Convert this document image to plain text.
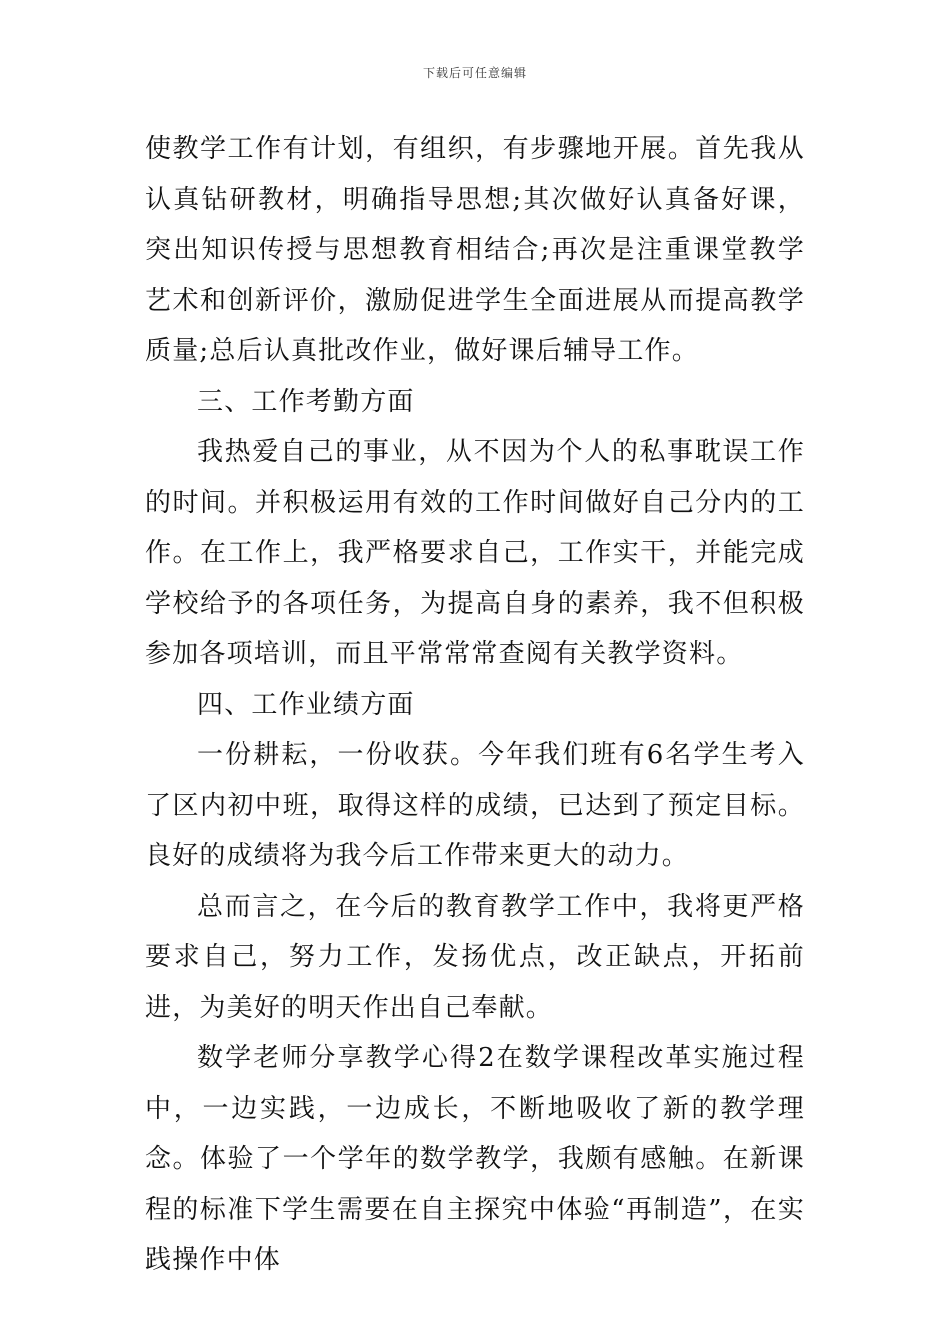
下载后可任意编辑

使教学工作有计划，有组织，有步骤地开展。首先我从认真钻研教材，明确指导思想;其次做好认真备好课，突出知识传授与思想教育相结合;再次是注重课堂教学艺术和创新评价，激励促进学生全面进展从而提高教学质量;总后认真批改作业，做好课后辅导工作。

三、工作考勤方面

我热爱自己的事业，从不因为个人的私事耽误工作的时间。并积极运用有效的工作时间做好自己分内的工作。在工作上，我严格要求自己，工作实干，并能完成学校给予的各项任务，为提高自身的素养，我不但积极参加各项培训，而且平常常常查阅有关教学资料。

四、工作业绩方面

一份耕耘，一份收获。今年我们班有6名学生考入了区内初中班，取得这样的成绩，已达到了预定目标。良好的成绩将为我今后工作带来更大的动力。

总而言之，在今后的教育教学工作中，我将更严格要求自己，努力工作，发扬优点，改正缺点，开拓前进，为美好的明天作出自己奉献。

数学老师分享教学心得2在数学课程改革实施过程中，一边实践，一边成长，不断地吸收了新的教学理念。体验了一个学年的数学教学，我颇有感触。在新课程的标准下学生需要在自主探究中体验“再制造”，在实践操作中体
